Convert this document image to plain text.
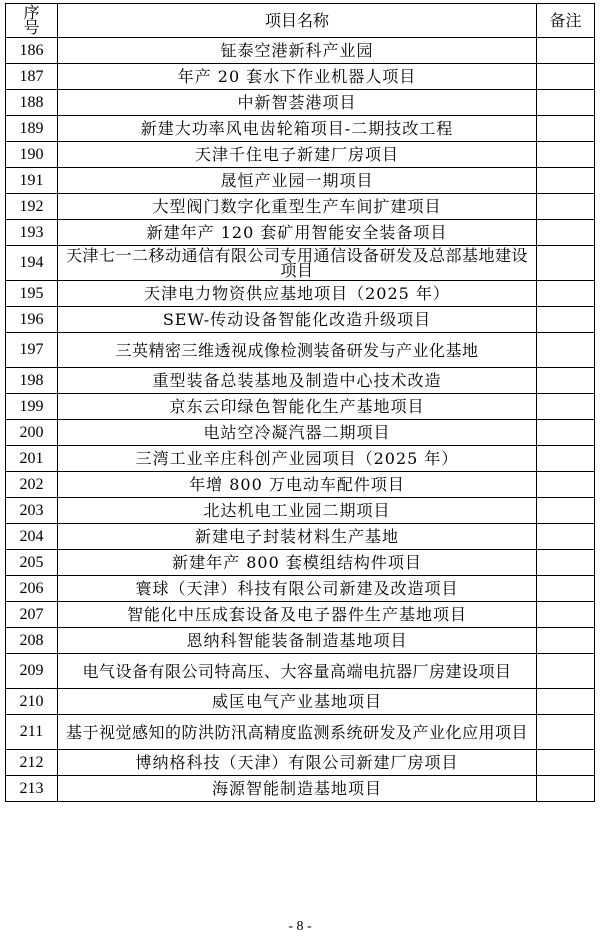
序
号	项目名称	备注
186	钲泰空港新科产业园	
187	年产 20 套水下作业机器人项目	
188	中新智荟港项目	
189	新建大功率风电齿轮箱项目-二期技改工程	
190	天津千住电子新建厂房项目	
191	晟恒产业园一期项目	
192	大型阀门数字化重型生产车间扩建项目	
193	新建年产 120 套矿用智能安全装备项目	
194	天津七一二移动通信有限公司专用通信设备研发及总部基地建设项目	
195	天津电力物资供应基地项目（2025 年）	
196	SEW-传动设备智能化改造升级项目	
197	三英精密三维透视成像检测装备研发与产业化基地	
198	重型装备总装基地及制造中心技术改造	
199	京东云印绿色智能化生产基地项目	
200	电站空冷凝汽器二期项目	
201	三湾工业辛庄科创产业园项目（2025 年）	
202	年增 800 万电动车配件项目	
203	北达机电工业园二期项目	
204	新建电子封装材料生产基地	
205	新建年产 800 套模组结构件项目	
206	寰球（天津）科技有限公司新建及改造项目	
207	智能化中压成套设备及电子器件生产基地项目	
208	恩纳科智能装备制造基地项目	
209	电气设备有限公司特高压、大容量高端电抗器厂房建设项目	
210	威匡电气产业基地项目	
211	基于视觉感知的防洪防汛高精度监测系统研发及产业化应用项目	
212	博纳格科技（天津）有限公司新建厂房项目	
213	海源智能制造基地项目	
- 8 -
